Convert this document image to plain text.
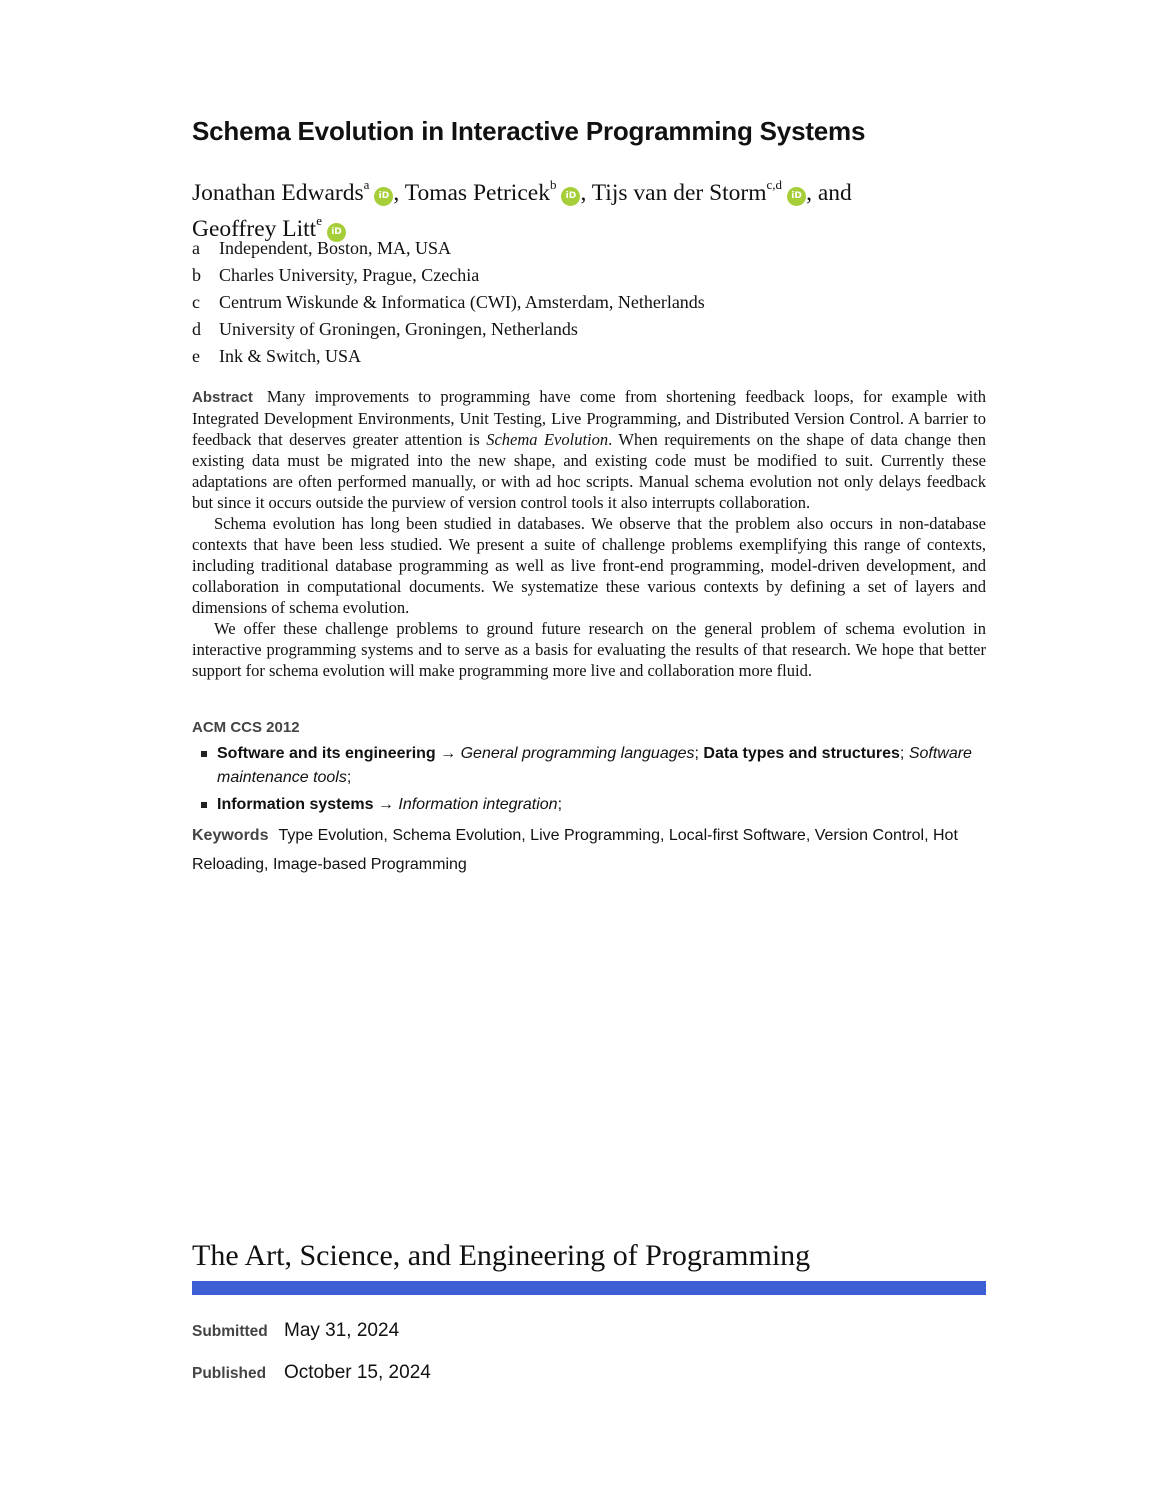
Schema Evolution in Interactive Programming Systems
Jonathan Edwards$^a$iD , Tomas Petricek$^b$iD , Tijs van der Storm$^{c,d}$iD , and
Geoffrey Litt$^e$iD
a Independent, Boston, MA, USA
b Charles University, Prague, Czechia
c Centrum Wiskunde & Informatica (CWI), Amsterdam, Netherlands
d University of Groningen, Groningen, Netherlands
e Ink & Switch, USA

Abstract Many improvements to programming have come from shortening feedback loops, for example with Integrated Development Environments, Unit Testing, Live Programming, and Distributed Version Control. A barrier to feedback that deserves greater attention is Schema Evolution. When requirements on the shape of data change then existing data must be migrated into the new shape, and existing code must be modified to suit. Currently these adaptations are often performed manually, or with ad hoc scripts. Manual schema evolution not only delays feedback but since it occurs outside the purview of version control tools it also interrupts collaboration.

Schema evolution has long been studied in databases. We observe that the problem also occurs in non-database contexts that have been less studied. We present a suite of challenge problems exemplifying this range of contexts, including traditional database programming as well as live front-end programming, model-driven development, and collaboration in computational documents. We systematize these various contexts by defining a set of layers and dimensions of schema evolution.

We offer these challenge problems to ground future research on the general problem of schema evolution in interactive programming systems and to serve as a basis for evaluating the results of that research. We hope that better support for schema evolution will make programming more live and collaboration more fluid.

ACM CCS 2012
Software and its engineering → General programming languages; Data types and structures; Software maintenance tools;
Information systems → Information integration;
Keywords Type Evolution, Schema Evolution, Live Programming, Local-first Software, Version Control, Hot Reloading, Image-based Programming
The Art, Science, and Engineering of Programming
Submitted May 31, 2024
Published October 15, 2024
